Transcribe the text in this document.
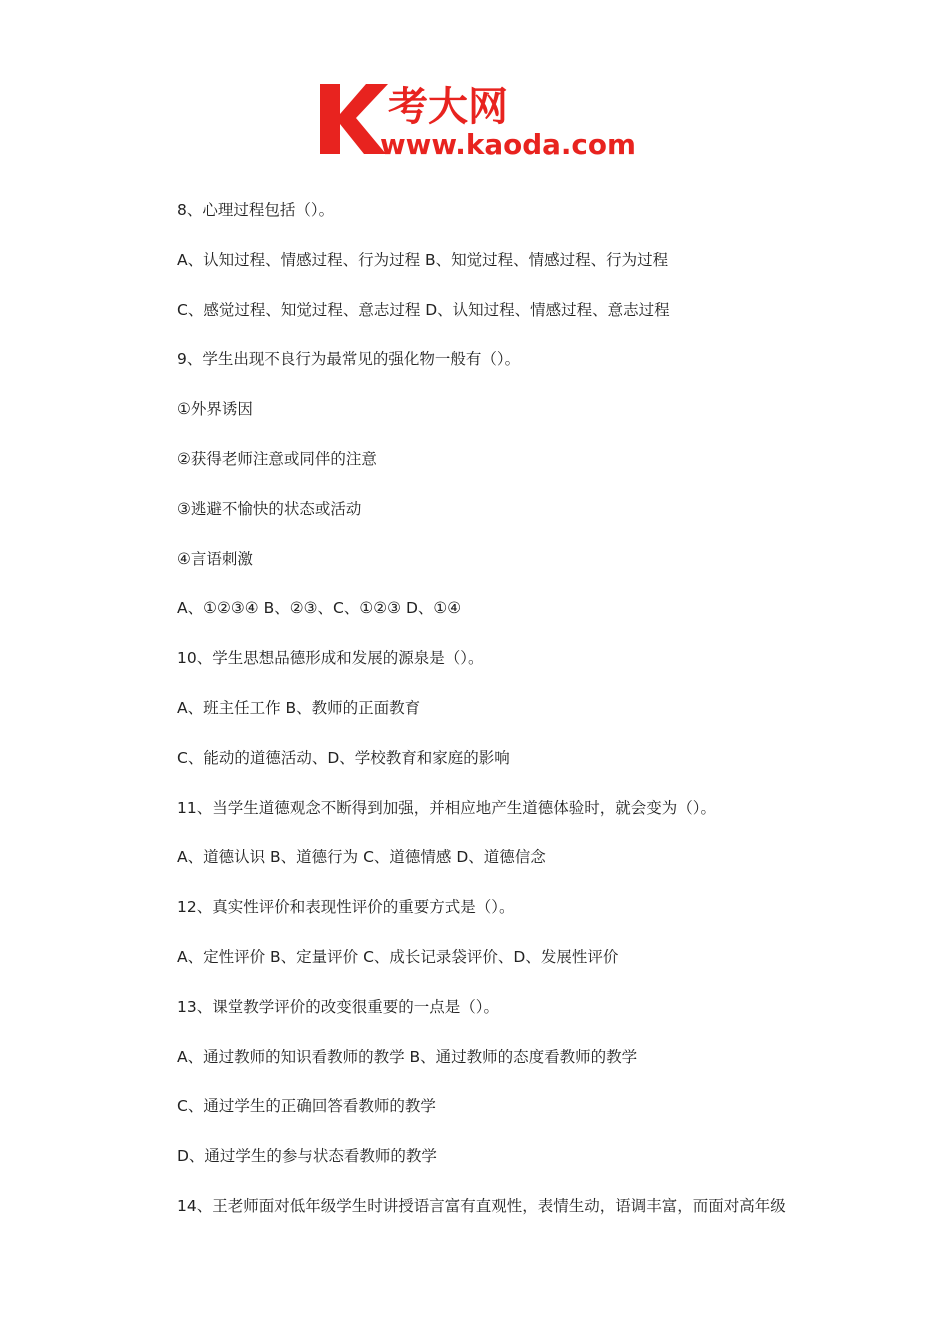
考大网
www.kaoda.com
8、心理过程包括（）。
A、认知过程、情感过程、行为过程 B、知觉过程、情感过程、行为过程
C、感觉过程、知觉过程、意志过程 D、认知过程、情感过程、意志过程
9、学生出现不良行为最常见的强化物一般有（）。
①外界诱因
②获得老师注意或同伴的注意
③逃避不愉快的状态或活动
④言语刺激
A、①②③④ B、②③、C、①②③ D、①④
10、学生思想品德形成和发展的源泉是（）。
A、班主任工作 B、教师的正面教育
C、能动的道德活动、D、学校教育和家庭的影响
11、当学生道德观念不断得到加强，并相应地产生道德体验时，就会变为（）。
A、道德认识 B、道德行为 C、道德情感 D、道德信念
12、真实性评价和表现性评价的重要方式是（）。
A、定性评价 B、定量评价 C、成长记录袋评价、D、发展性评价
13、课堂教学评价的改变很重要的一点是（）。
A、通过教师的知识看教师的教学 B、通过教师的态度看教师的教学
C、通过学生的正确回答看教师的教学
D、通过学生的参与状态看教师的教学
14、王老师面对低年级学生时讲授语言富有直观性，表情生动，语调丰富，而面对高年级
